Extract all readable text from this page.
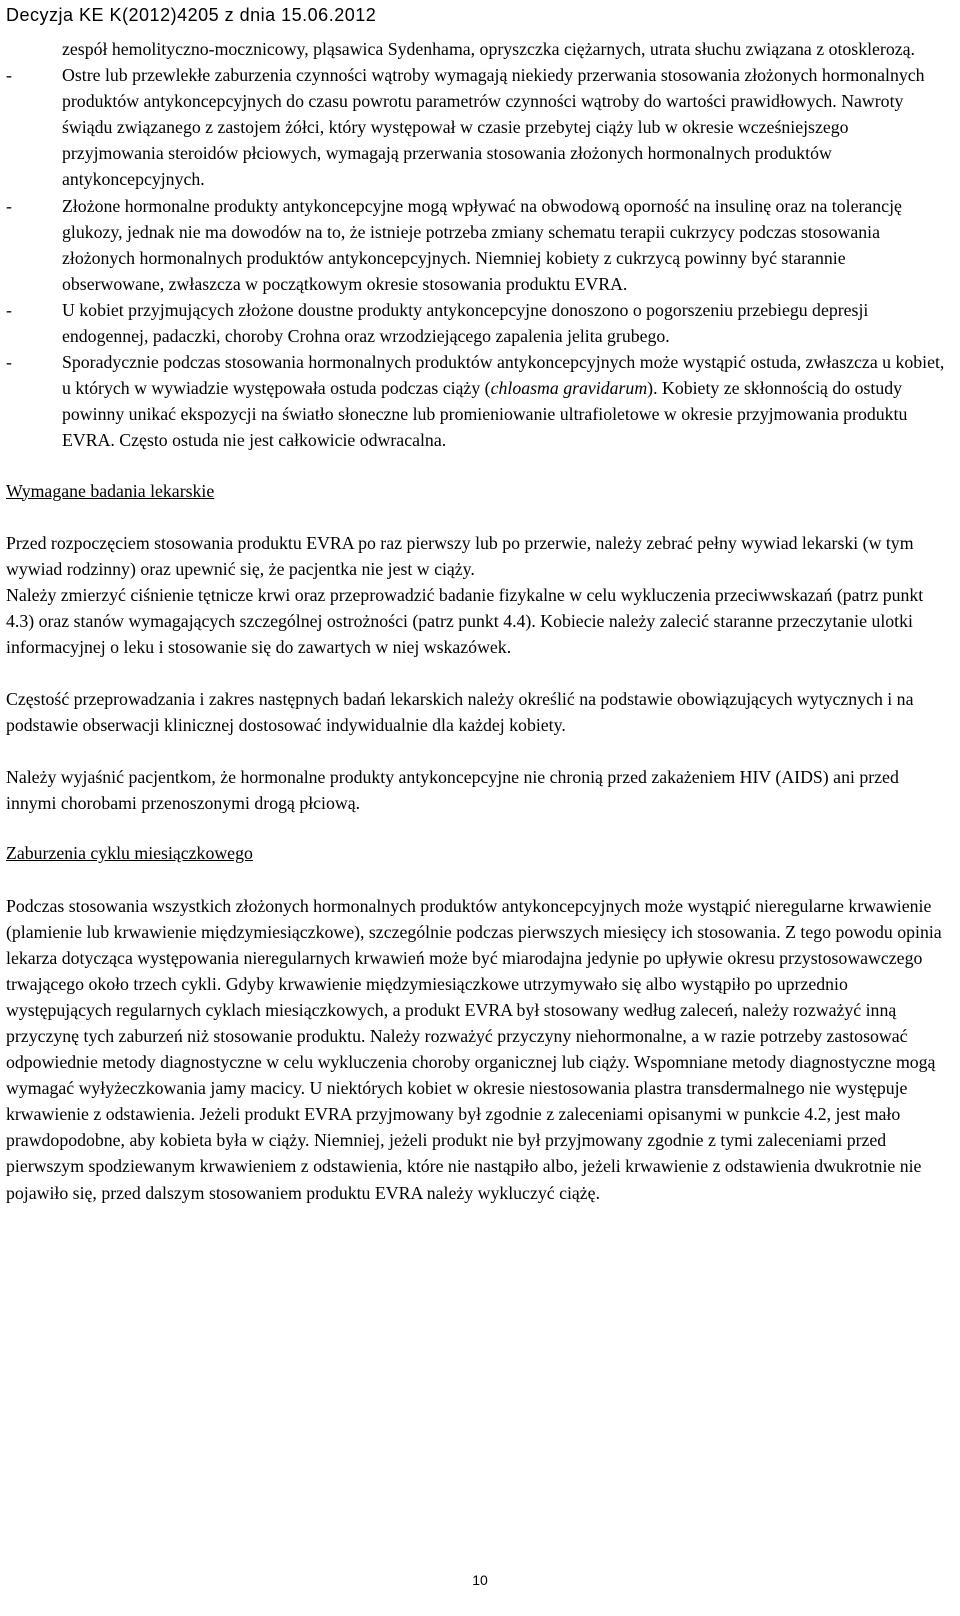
Decyzja KE K(2012)4205 z dnia 15.06.2012

zespół hemolityczno-mocznicowy, pląsawica Sydenhama, opryszczka ciężarnych, utrata słuchu związana z otosklerozą.

-	Ostre lub przewlekłe zaburzenia czynności wątroby wymagają niekiedy przerwania stosowania złożonych hormonalnych produktów antykoncepcyjnych do czasu powrotu parametrów czynności wątroby do wartości prawidłowych. Nawroty świądu związanego z zastojem żółci, który występował w czasie przebytej ciąży lub w okresie wcześniejszego przyjmowania steroidów płciowych, wymagają przerwania stosowania złożonych hormonalnych produktów antykoncepcyjnych.
-	Złożone hormonalne produkty antykoncepcyjne mogą wpływać na obwodową oporność na insulinę oraz na tolerancję glukozy, jednak nie ma dowodów na to, że istnieje potrzeba zmiany schematu terapii cukrzycy podczas stosowania złożonych hormonalnych produktów antykoncepcyjnych. Niemniej kobiety z cukrzycą powinny być starannie obserwowane, zwłaszcza w początkowym okresie stosowania produktu EVRA.
-	U kobiet przyjmujących złożone doustne produkty antykoncepcyjne donoszono o pogorszeniu przebiegu depresji endogennej, padaczki, choroby Crohna oraz wrzodziejącego zapalenia jelita grubego.
-	Sporadycznie podczas stosowania hormonalnych produktów antykoncepcyjnych może wystąpić ostuda, zwłaszcza u kobiet, u których w wywiadzie występowała ostuda podczas ciąży (chloasma gravidarum). Kobiety ze skłonnością do ostudy powinny unikać ekspozycji na światło słoneczne lub promieniowanie ultrafioletowe w okresie przyjmowania produktu EVRA. Często ostuda nie jest całkowicie odwracalna.

Wymagane badania lekarskie

Przed rozpoczęciem stosowania produktu EVRA po raz pierwszy lub po przerwie, należy zebrać pełny wywiad lekarski (w tym wywiad rodzinny) oraz upewnić się, że pacjentka nie jest w ciąży.

Należy zmierzyć ciśnienie tętnicze krwi oraz przeprowadzić badanie fizykalne w celu wykluczenia przeciwwskazań (patrz punkt 4.3) oraz stanów wymagających szczególnej ostrożności (patrz punkt 4.4). Kobiecie należy zalecić staranne przeczytanie ulotki informacyjnej o leku i stosowanie się do zawartych w niej wskazówek.

Częstość przeprowadzania i zakres następnych badań lekarskich należy określić na podstawie obowiązujących wytycznych i na podstawie obserwacji klinicznej dostosować indywidualnie dla każdej kobiety.

Należy wyjaśnić pacjentkom, że hormonalne produkty antykoncepcyjne nie chronią przed zakażeniem HIV (AIDS) ani przed innymi chorobami przenoszonymi drogą płciową.

Zaburzenia cyklu miesiączkowego

Podczas stosowania wszystkich złożonych hormonalnych produktów antykoncepcyjnych może wystąpić nieregularne krwawienie (plamienie lub krwawienie międzymiesiączkowe), szczególnie podczas pierwszych miesięcy ich stosowania. Z tego powodu opinia lekarza dotycząca występowania nieregularnych krwawień może być miarodajna jedynie po upływie okresu przystosowawczego trwającego około trzech cykli. Gdyby krwawienie międzymiesiączkowe utrzymywało się albo wystąpiło po uprzednio występujących regularnych cyklach miesiączkowych, a produkt EVRA był stosowany według zaleceń, należy rozważyć inną przyczynę tych zaburzeń niż stosowanie produktu. Należy rozważyć przyczyny niehormonalne, a w razie potrzeby zastosować odpowiednie metody diagnostyczne w celu wykluczenia choroby organicznej lub ciąży. Wspomniane metody diagnostyczne mogą wymagać wyłyżeczkowania jamy macicy. U niektórych kobiet w okresie niestosowania plastra transdermalnego nie występuje krwawienie z odstawienia. Jeżeli produkt EVRA przyjmowany był zgodnie z zaleceniami opisanymi w punkcie 4.2, jest mało prawdopodobne, aby kobieta była w ciąży. Niemniej, jeżeli produkt nie był przyjmowany zgodnie z tymi zaleceniami przed pierwszym spodziewanym krwawieniem z odstawienia, które nie nastąpiło albo, jeżeli krwawienie z odstawienia dwukrotnie nie pojawiło się, przed dalszym stosowaniem produktu EVRA należy wykluczyć ciążę.

10
